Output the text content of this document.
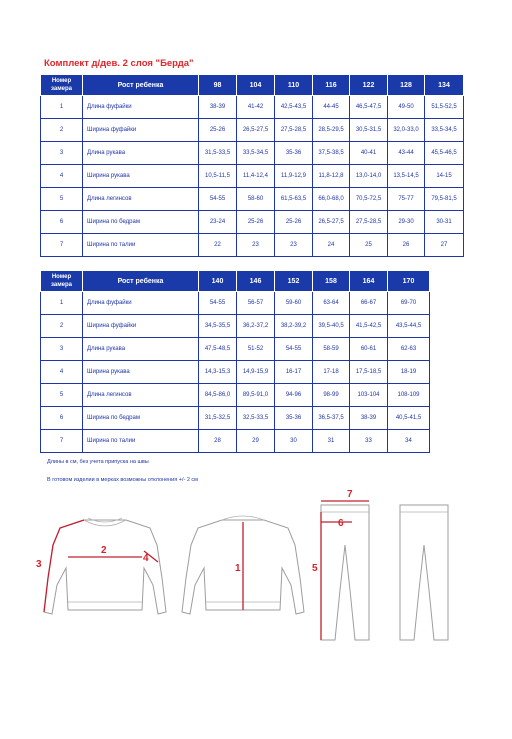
Комплект д/дев. 2 слоя "Берда"
Номер замера	Рост ребенка	98	104	110	116	122	128	134
1	Длина фуфайки	38-39	41-42	42,5-43,5	44-45	46,5-47,5	49-50	51,5-52,5
2	Ширина фуфайки	25-26	26,5-27,5	27,5-28,5	28,5-29,5	30,5-31,5	32,0-33,0	33,5-34,5
3	Длина рукава	31,5-33,5	33,5-34,5	35-36	37,5-38,5	40-41	43-44	45,5-46,5
4	Ширина рукава	10,5-11,5	11,4-12,4	11,9-12,9	11,8-12,8	13,0-14,0	13,5-14,5	14-15
5	Длина легинсов	54-55	58-60	61,5-63,5	66,0-68,0	70,5-72,5	75-77	79,5-81,5
6	Ширина по бедрам	23-24	25-26	25-26	26,5-27,5	27,5-28,5	29-30	30-31
7	Ширина по талии	22	23	23	24	25	26	27
Номер замера	Рост ребенка	140	146	152	158	164	170
1	Длина фуфайки	54-55	56-57	59-60	63-64	66-67	69-70
2	Ширина фуфайки	34,5-35,5	36,2-37,2	38,2-39,2	39,5-40,5	41,5-42,5	43,5-44,5
3	Длина рукава	47,5-48,5	51-52	54-55	58-59	60-61	62-63
4	Ширина рукава	14,3-15,3	14,9-15,9	16-17	17-18	17,5-18,5	18-19
5	Длина легинсов	84,5-86,0	89,5-91,0	94-96	98-99	103-104	108-109
6	Ширина по бедрам	31,5-32,5	32,5-33,5	35-36	36,5-37,5	38-39	40,5-41,5
7	Ширина по талии	28	29	30	31	33	34
Длины в см, без учета припуска на швы
В готовом изделии в мерках возможны отклонения +/- 2 см
1
2
3
4
5
6
7
